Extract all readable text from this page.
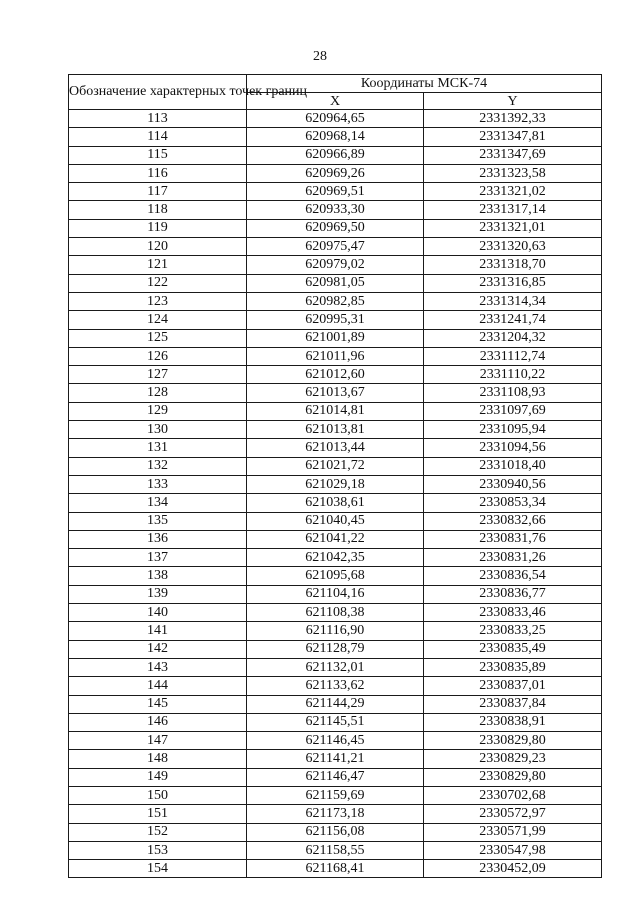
28
Обозначение характерных точек границ	Координаты МСК-74	
	X	Y
113	620964,65	2331392,33
114	620968,14	2331347,81
115	620966,89	2331347,69
116	620969,26	2331323,58
117	620969,51	2331321,02
118	620933,30	2331317,14
119	620969,50	2331321,01
120	620975,47	2331320,63
121	620979,02	2331318,70
122	620981,05	2331316,85
123	620982,85	2331314,34
124	620995,31	2331241,74
125	621001,89	2331204,32
126	621011,96	2331112,74
127	621012,60	2331110,22
128	621013,67	2331108,93
129	621014,81	2331097,69
130	621013,81	2331095,94
131	621013,44	2331094,56
132	621021,72	2331018,40
133	621029,18	2330940,56
134	621038,61	2330853,34
135	621040,45	2330832,66
136	621041,22	2330831,76
137	621042,35	2330831,26
138	621095,68	2330836,54
139	621104,16	2330836,77
140	621108,38	2330833,46
141	621116,90	2330833,25
142	621128,79	2330835,49
143	621132,01	2330835,89
144	621133,62	2330837,01
145	621144,29	2330837,84
146	621145,51	2330838,91
147	621146,45	2330829,80
148	621141,21	2330829,23
149	621146,47	2330829,80
150	621159,69	2330702,68
151	621173,18	2330572,97
152	621156,08	2330571,99
153	621158,55	2330547,98
154	621168,41	2330452,09
